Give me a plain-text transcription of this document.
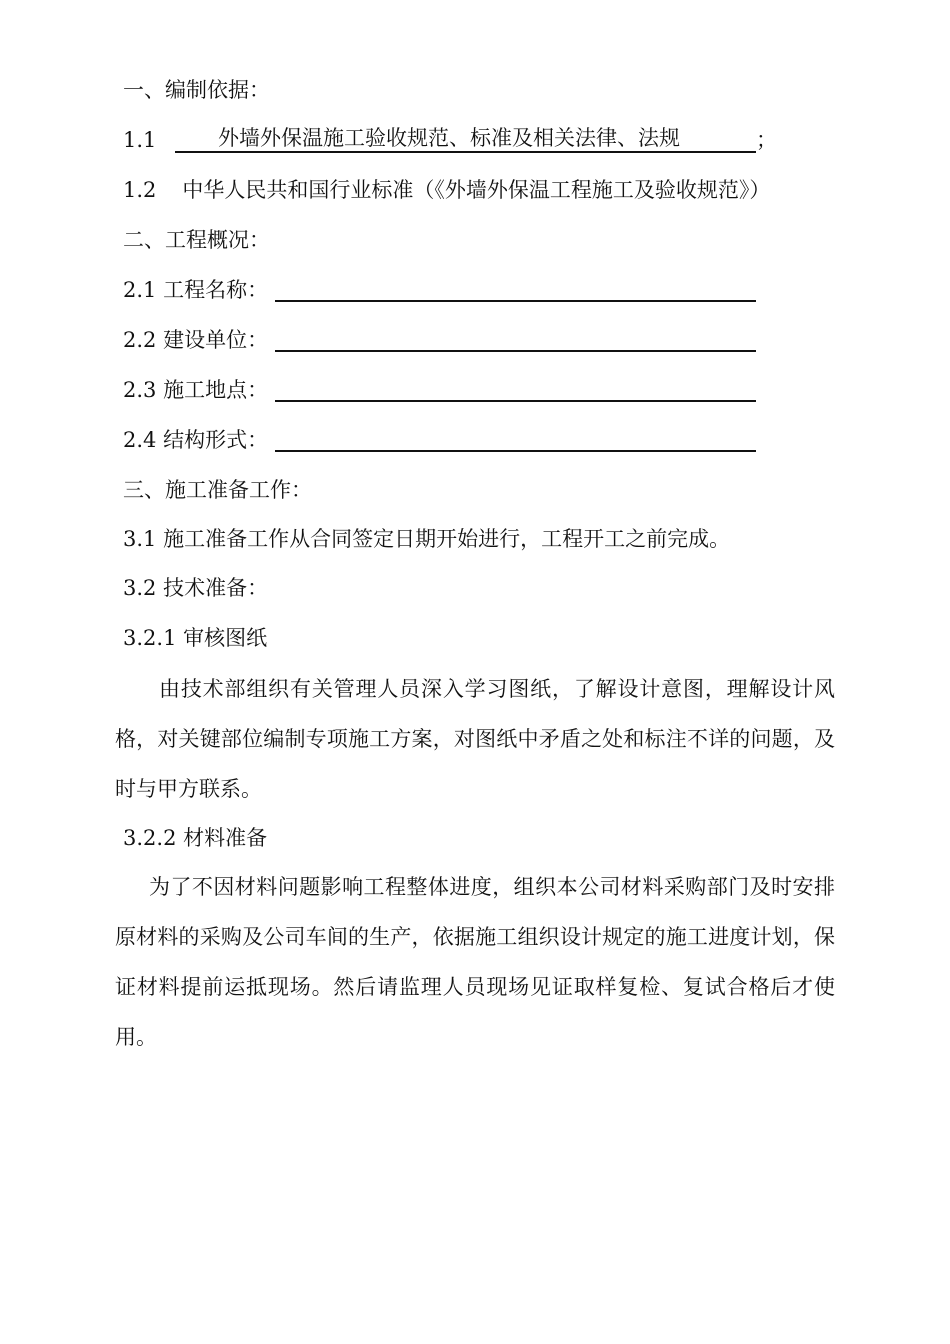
一、编制依据：
1.1	外墙外保温施工验收规范、标准及相关法律、法规	；
1.2 中华人民共和国行业标准（《外墙外保温工程施工及验收规范》）
二、工程概况：
2.1 工程名称：
2.2 建设单位：
2.3 施工地点：
2.4 结构形式：
三、施工准备工作：
3.1 施工准备工作从合同签定日期开始进行，工程开工之前完成。
3.2 技术准备：
3.2.1 审核图纸
由技术部组织有关管理人员深入学习图纸，了解设计意图，理解设计风格，对关键部位编制专项施工方案，对图纸中矛盾之处和标注不详的问题，及时与甲方联系。
3.2.2 材料准备
为了不因材料问题影响工程整体进度，组织本公司材料采购部门及时安排原材料的采购及公司车间的生产，依据施工组织设计规定的施工进度计划，保证材料提前运抵现场。然后请监理人员现场见证取样复检、复试合格后才使用。
